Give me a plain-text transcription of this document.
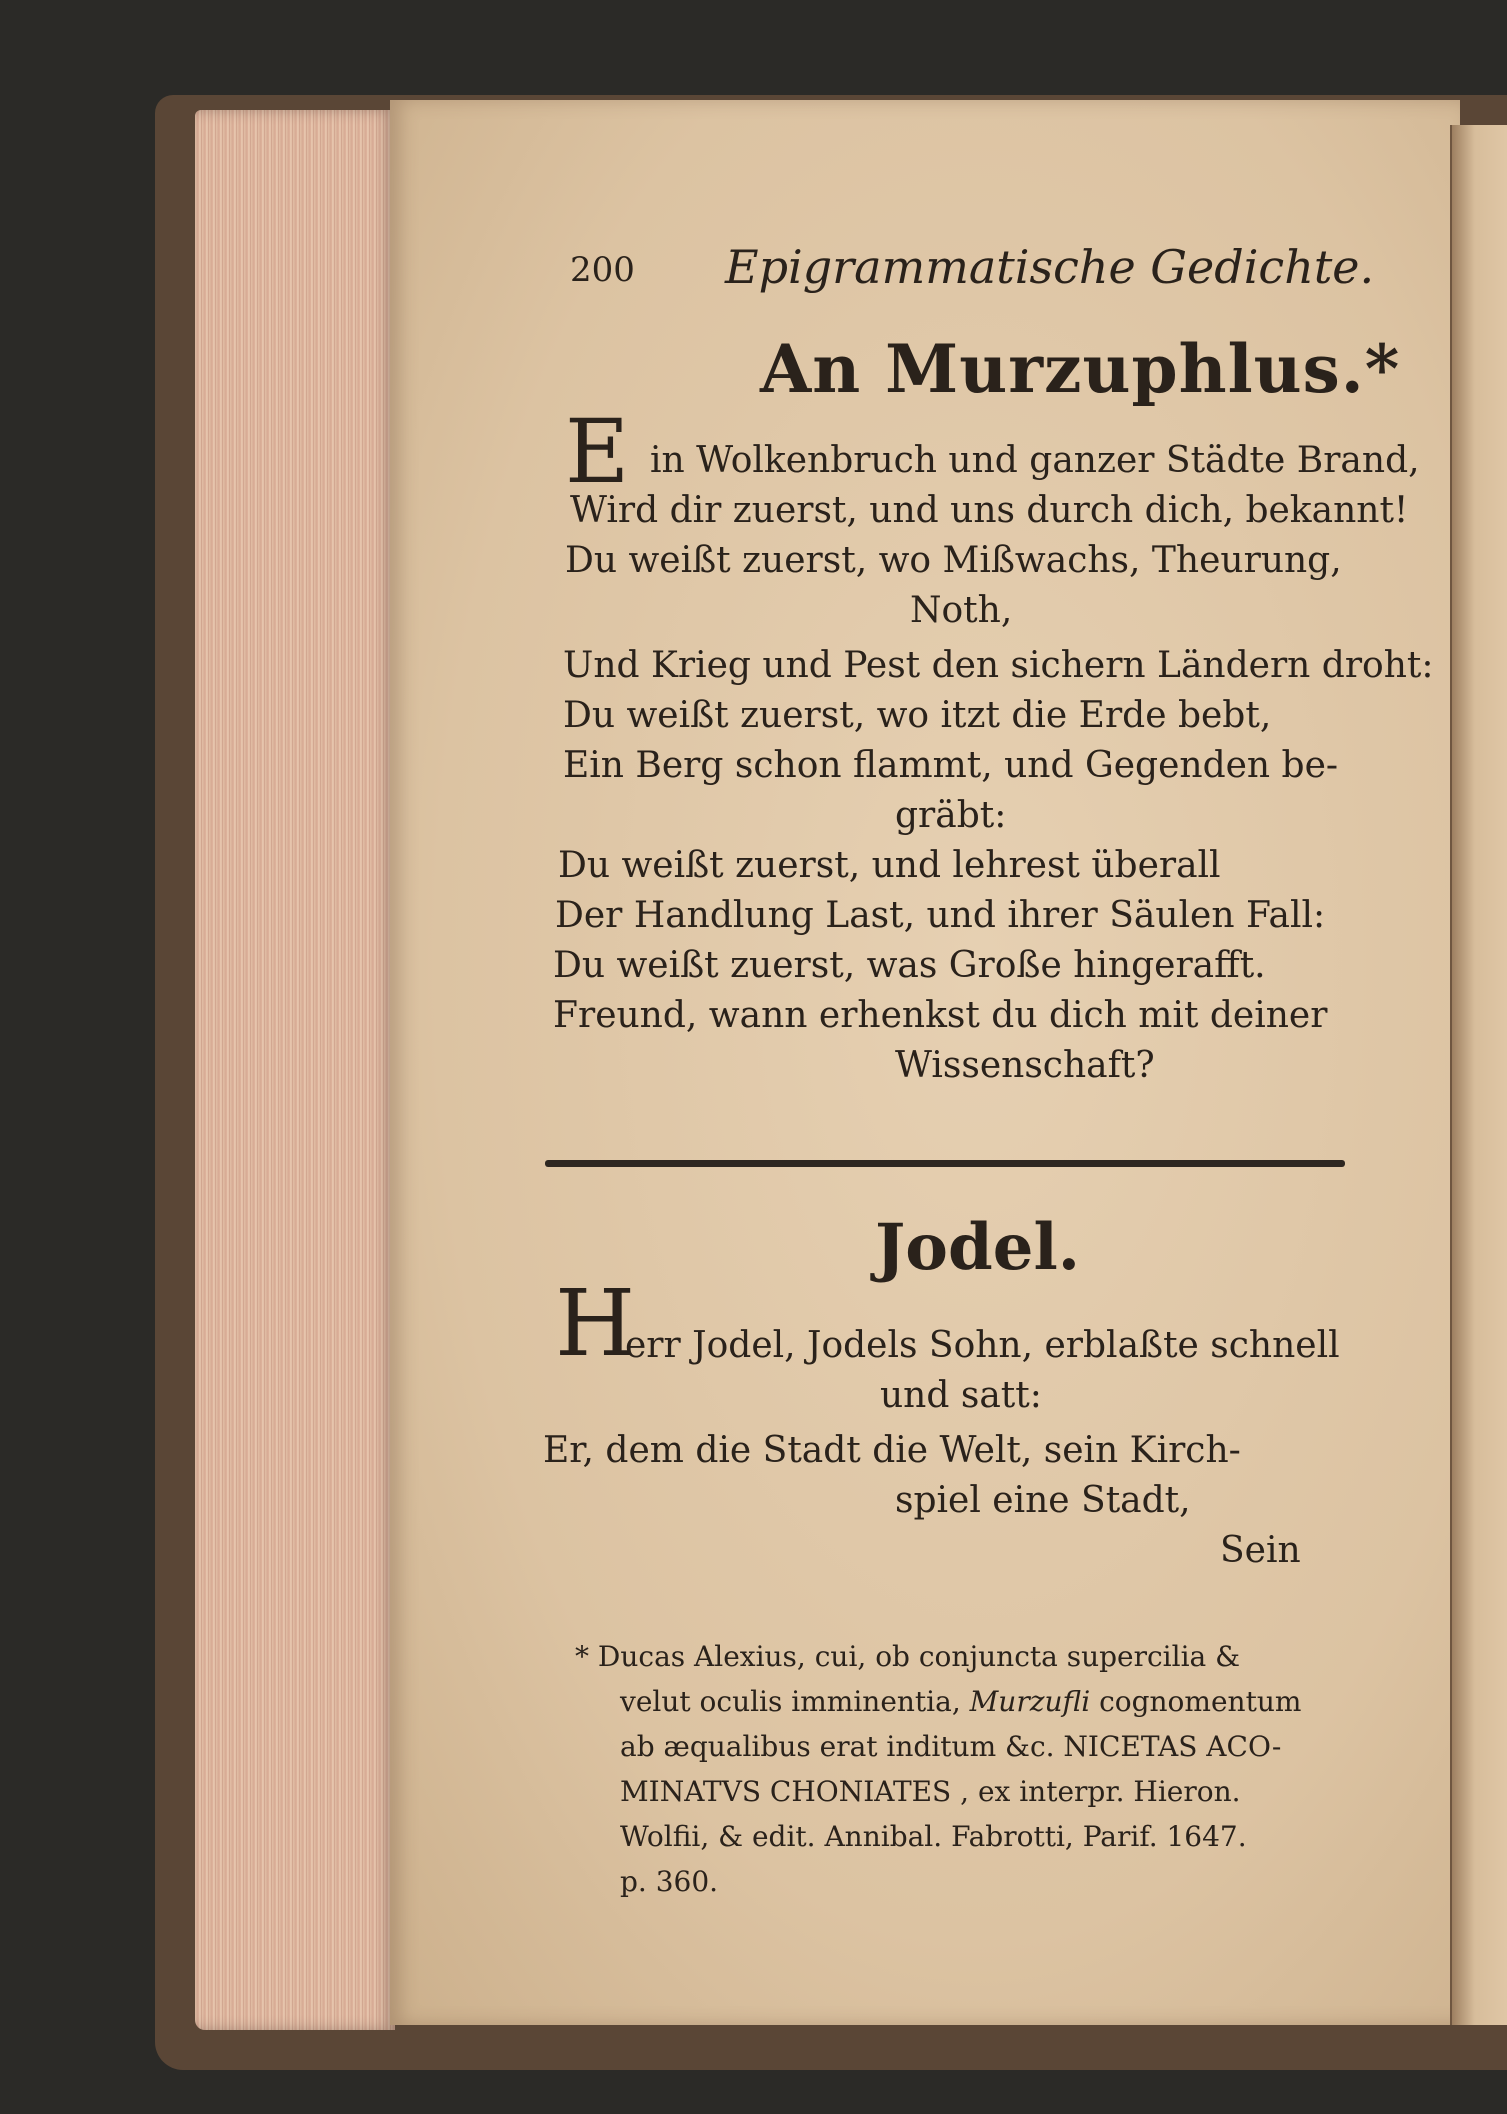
200 Epigrammatische Gedichte.
An Murzuphlus.*
E in Wolkenbruch und ganzer Städte Brand,
Wird dir zuerst, und uns durch dich, bekannt!
Du weißt zuerst, wo Mißwachs, Theurung,
Noth,
Und Krieg und Pest den sichern Ländern droht:
Du weißt zuerst, wo itzt die Erde bebt,
Ein Berg schon flammt, und Gegenden be-
gräbt:
Du weißt zuerst, und lehrest überall
Der Handlung Last, und ihrer Säulen Fall:
Du weißt zuerst, was Große hingerafft.
Freund, wann erhenkst du dich mit deiner
Wissenschaft?
Jodel.
H
err Jodel, Jodels Sohn, erblaßte schnell
und satt:
Er, dem die Stadt die Welt, sein Kirch-
spiel eine Stadt,
Sein
* Ducas Alexius, cui, ob conjuncta supercilia &
velut oculis imminentia, Murzufli cognomentum
ab æqualibus erat inditum &c. NICETAS ACO-
MINATVS CHONIATES , ex interpr. Hieron.
Wolfii, & edit. Annibal. Fabrotti, Parif. 1647.
p. 360.
